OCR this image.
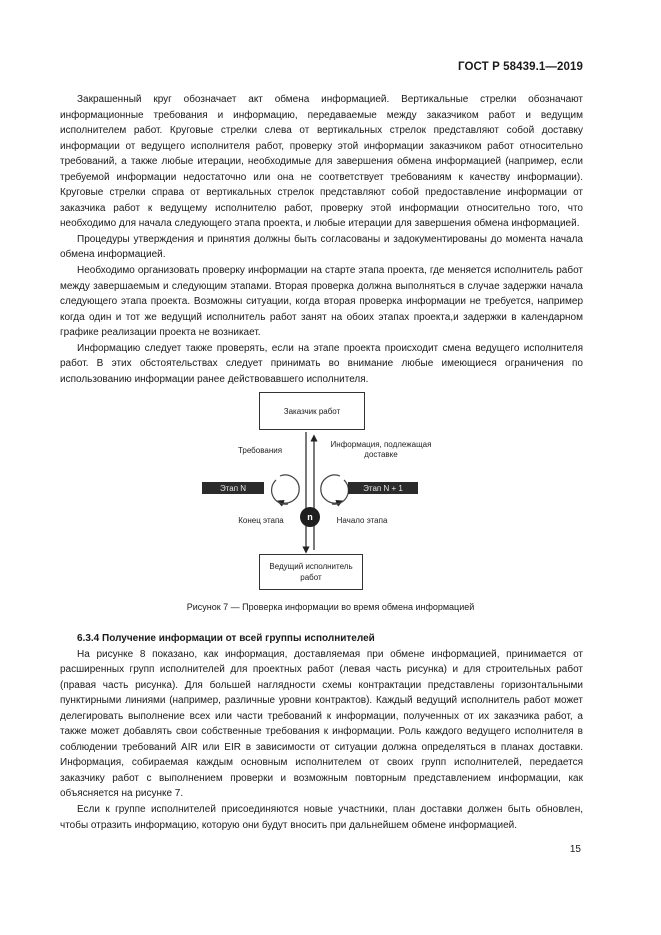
ГОСТ Р 58439.1—2019

Закрашенный круг обозначает акт обмена информацией. Вертикальные стрелки обозначают информационные требования и информацию, передаваемые между заказчиком работ и ведущим исполнителем работ. Круговые стрелки слева от вертикальных стрелок представляют собой доставку информации от ведущего исполнителя работ, проверку этой информации заказчиком работ относительно требований, а также любые итерации, необходимые для завершения обмена информацией (например, если требуемой информации недостаточно или она не соответствует требованиям к качеству информации). Круговые стрелки справа от вертикальных стрелок представляют собой предоставление информации от заказчика работ к ведущему исполнителю работ, проверку этой информации относительно того, что необходимо для начала следующего этапа проекта, и любые итерации для завершения обмена информацией.

Процедуры утверждения и принятия должны быть согласованы и задокументированы до момента начала обмена информацией.

Необходимо организовать проверку информации на старте этапа проекта, где меняется исполнитель работ между завершаемым и следующим этапами. Вторая проверка должна выполняться в случае задержки начала следующего этапа проекта. Возможны ситуации, когда вторая проверка информации не требуется, например когда один и тот же ведущий исполнитель работ занят на обоих этапах проекта,и задержки в календарном графике реализации проекта не возникает.

Информацию следует также проверять, если на этапе проекта происходит смена ведущего исполнителя работ. В этих обстоятельствах следует принимать во внимание любые имеющиеся ограничения по использованию информации ранее действовавшего исполнителя.

Заказчик работ
Ведущий исполнитель работ
Требования
Информация, подлежащая доставке
Этап N	Этап N + 1
n
Конец этапа	Начало этапа
Рисунок 7 — Проверка информации во время обмена информацией
6.3.4 Получение информации от всей группы исполнителей

На рисунке 8 показано, как информация, доставляемая при обмене информацией, принимается от расширенных групп исполнителей для проектных работ (левая часть рисунка) и для строительных работ (правая часть рисунка). Для большей наглядности схемы контрактации представлены горизонтальными пунктирными линиями (например, различные уровни контрактов). Каждый ведущий исполнитель работ может делегировать выполнение всех или части требований к информации, полученных от их заказчика работ, а также может добавлять свои собственные требования к информации. Роль каждого ведущего исполнителя в соблюдении требований AIR или EIR в зависимости от ситуации должна определяться в планах доставки. Информация, собираемая каждым основным исполнителем от своих групп исполнителей, передается заказчику работ с выполнением проверки и возможным повторным представлением информации, как объясняется на рисунке 7.

Если к группе исполнителей присоединяются новые участники, план доставки должен быть обновлен, чтобы отразить информацию, которую они будут вносить при дальнейшем обмене информацией.

15
